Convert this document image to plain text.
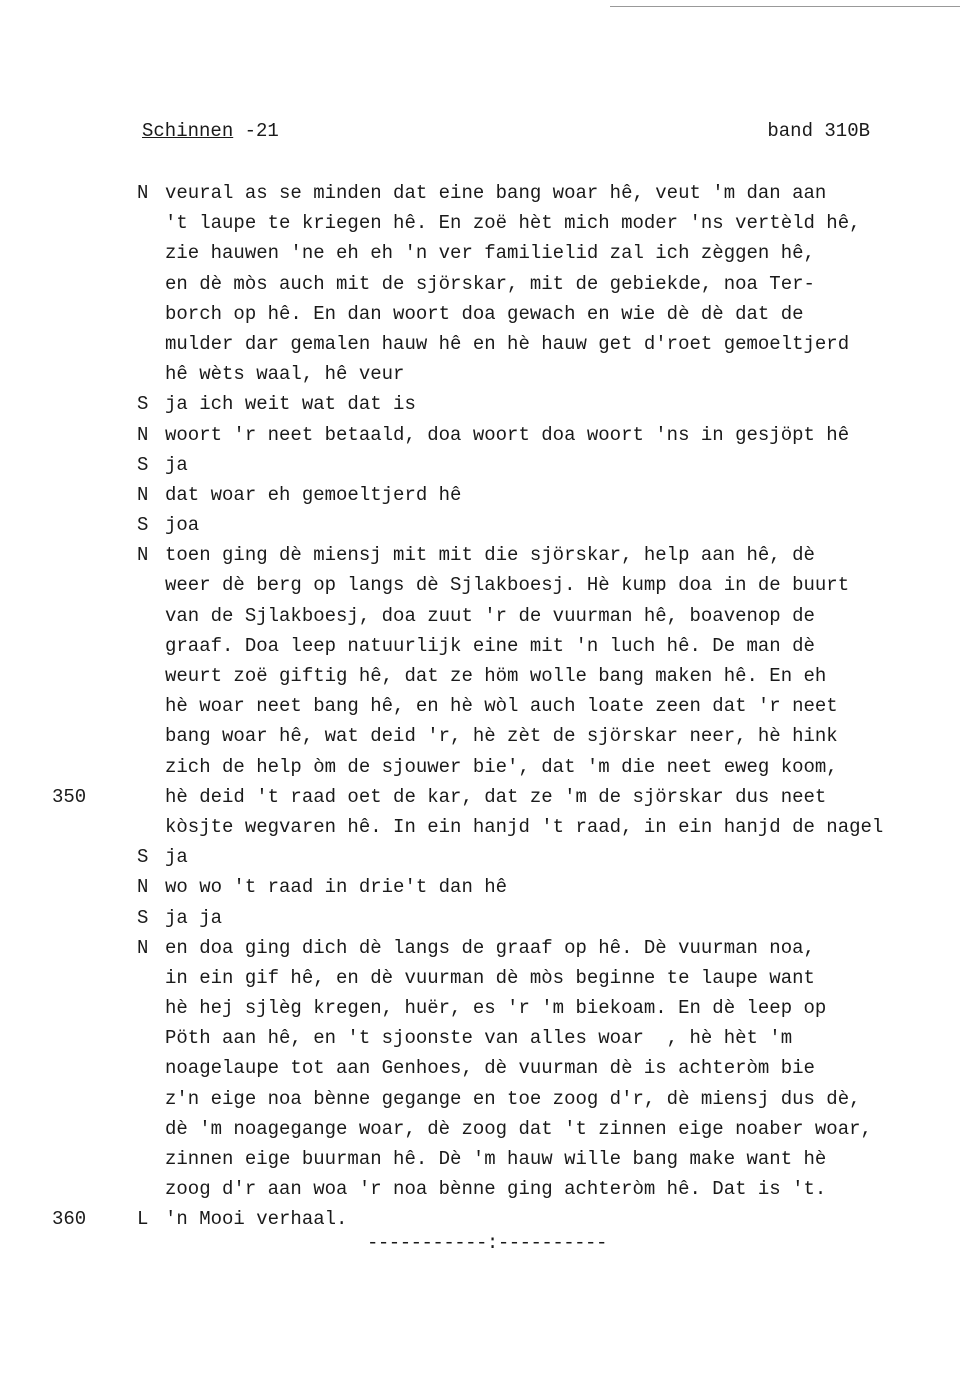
Schinnen -21	band 310B
N veural as se minden dat eine bang woar hê, veut 'm dan aan
't laupe te kriegen hê. En zoë hèt mich moder 'ns vertèld hê,
zie hauwen 'ne eh eh 'n ver familielid zal ich zèggen hê,
en dè mòs auch mit de sjörskar, mit de gebiekde, noa Ter-
borch op hê. En dan woort doa gewach en wie dè dè dat de
mulder dar gemalen hauw hê en hè hauw get d'roet gemoeltjerd
hê wèts waal, hê veur
S ja ich weit wat dat is
N woort 'r neet betaald, doa woort doa woort 'ns in gesjöpt hê
S ja
N dat woar eh gemoeltjerd hê
S joa
N toen ging dè miensj mit mit die sjörskar, help aan hê, dè
weer dè berg op langs dè Sjlakboesj. Hè kump doa in de buurt
van de Sjlakboesj, doa zuut 'r de vuurman hê, boavenop de
graaf. Doa leep natuurlijk eine mit 'n luch hê. De man dè
weurt zoë giftig hê, dat ze höm wolle bang maken hê. En eh
hè woar neet bang hê, en hè wòl auch loate zeen dat 'r neet
bang woar hê, wat deid 'r, hè zèt de sjörskar neer, hè hink
zich de help òm de sjouwer bie', dat 'm die neet eweg koom,
350	hè deid 't raad oet de kar, dat ze 'm de sjörskar dus neet
kòsjte wegvaren hê. In ein hanjd 't raad, in ein hanjd de nagel
S ja
N wo wo 't raad in drie't dan hê
S ja ja
N en doa ging dich dè langs de graaf op hê. Dè vuurman noa,
in ein gif hê, en dè vuurman dè mòs beginne te laupe want
hè hej sjlèg kregen, huër, es 'r 'm biekoam. En dè leep op
Pöth aan hê, en 't sjoonste van alles woar  , hè hèt 'm
noagelaupe tot aan Genhoes, dè vuurman dè is achteròm bie
z'n eige noa bènne gegange en toe zoog d'r, dè miensj dus dè,
dè 'm noagegange woar, dè zoog dat 't zinnen eige noaber woar,
zinnen eige buurman hê. Dè 'm hauw wille bang make want hè
zoog d'r aan woa 'r noa bènne ging achteròm hê. Dat is 't.
360	L 'n Mooi verhaal.
-----------:----------
